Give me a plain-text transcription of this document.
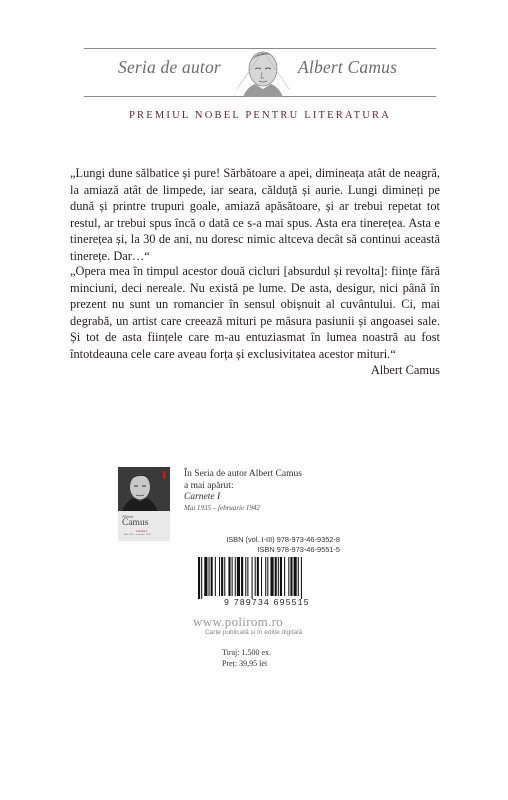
Seria de autor	Albert Camus
PREMIUL NOBEL PENTRU LITERATURA
„Lungi dune sălbatice și pure! Sărbătoare a apei, dimineața atât de neagră, la amiază atât de limpede, iar seara, călduță și aurie. Lungi dimineți pe dună și printre trupuri goale, amiază apăsătoare, și ar trebui repetat tot restul, ar trebui spus încă o dată ce s-a mai spus. Asta era tinerețea. Asta e tinerețea și, la 30 de ani, nu doresc nimic altceva decât să continui această tinerețe. Dar…“
„Opera mea în timpul acestor două cicluri [absurdul și revolta]: ființe fără minciuni, deci nereale. Nu există pe lume. De asta, desigur, nici până în prezent nu sunt un romancier în sensul obișnuit al cuvântului. Ci, mai degrabă, un artist care creează mituri pe măsura pasiunii și angoasei sale. Și tot de asta ființele care m-au entuziasmat în lumea noastră au fost întotdeauna cele care aveau forța și exclusivitatea acestor mituri.“
Albert Camus
Albert
Camus
Carnete I
Mai 1935 – februarie 1942
În Seria de autor Albert Camus
a mai apărut:
Carnete I
Mai 1935 – februarie 1942
ISBN (vol. I-III) 978-973-46-9352-8
ISBN 978-973-46-9551-5
9 789734 695515
www.polirom.ro
Carte publicată și în ediție digitală
Tiraj: 1.500 ex.
Preț: 39,95 lei
